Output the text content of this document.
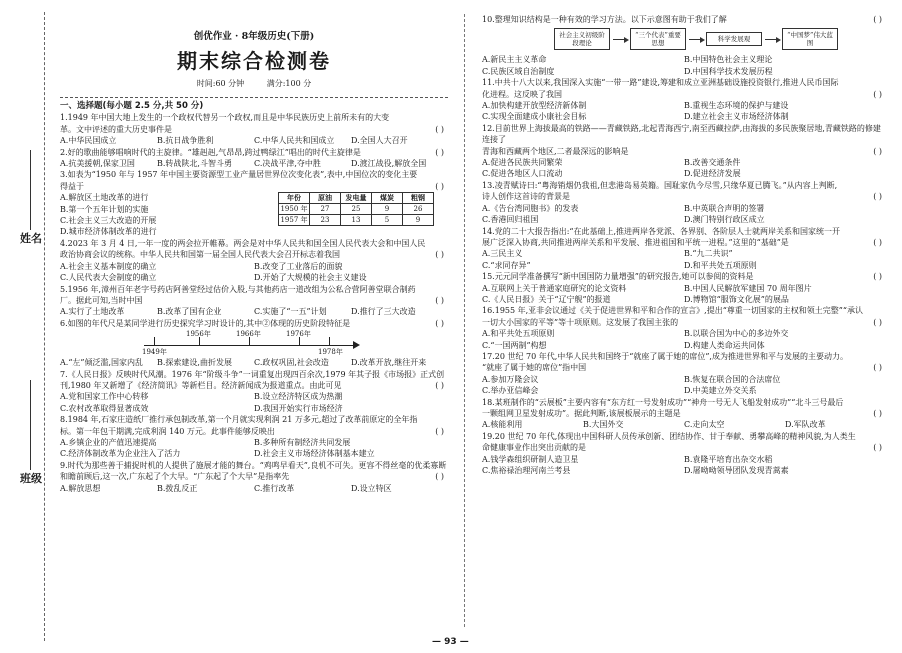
姓名
班级
创优作业 · 8年级历史(下册)
期末综合检测卷
时间:60 分钟	满分:100 分
一、选择题(每小题 2.5 分,共 50 分)
1.1949 年中国大地上发生的一个政权代替另一个政权,而且是中华民族历史上前所未有的大变
革。文中评述的重大历史事件是	( )
A.中华民国成立	B.抗日战争胜利	C.中华人民共和国成立	D.全国人大召开
2.好的歌曲能够唱响时代的主旋律。“雄赳赳,气昂昂,跨过鸭绿江”唱出的时代主旋律是	( )
A.抗美援朝,保家卫国	B.转战陕北,斗智斗勇	C.决战平津,夺中胜	D.渡江战役,解放全国
3.如表为“1950 年与 1957 年中国主要资源型工业产量居世界位次变化表”,表中,中国位次的变化主要
得益于	( )
年份	原油	发电量	煤炭	粗钢
1950 年	27	25	9	26
1957 年	23	13	5	9
A.解放区土地改革的进行
B.第一个五年计划的实施
C.社会主义三大改造的开展
D.城市经济体制改革的进行
4.2023 年 3 月 4 日,一年一度的两会拉开帷幕。两会是对中华人民共和国全国人民代表大会和中国人民
政治协商会议的统称。中华人民共和国第一届全国人民代表大会召开标志着我国	( )
A.社会主义基本制度的确立	B.改变了工业落后的面貌
C.人民代表大会制度的确立	D.开始了大规模的社会主义建设
5.1956 年,漳州百年老字号药店阿善堂经过估价入股,与其他药店一道改组为公私合营阿善堂联合制药
厂。据此可知,当时中国	( )
A.实行了土地改革	B.改革了国有企业	C.实施了“一五”计划	D.推行了三大改造
6.如图的年代尺是某同学进行历史探究学习时设计的,其中②体现的历史阶段特征是	( )
1949年
1956年	1966年	1976年
1978年
A.“左”倾泛滥,国家内乱	B.探索建设,曲折发展	C.政权巩固,社会改造	D.改革开放,继往开来
7.《人民日报》反映时代风潮。1976 年“阶级斗争”一词重复出现四百余次,1979 年其子报《市场报》正式创
刊,1980 年又新增了《经济简讯》等新栏目。经济新闻成为报道重点。由此可见	( )
A.党和国家工作中心转移	B.设立经济特区成为热潮
C.农村改革取得显著成效	D.我国开始实行市场经济
8.1984 年,石家庄造纸厂推行承包制改革,第一个月就实现利润 21 万多元,超过了改革前原定的全年指
标。第一年包干期满,完成利润 140 万元。此事件能够反映出	( )
A.乡镇企业的产值迅速提高	B.多种所有制经济共同发展
C.经济体制改革为企业注入了活力	D.社会主义市场经济体制基本建立
9.时代为那些善于捕捉时机的人提供了施展才能的舞台。“鸡鸣早看天”,良机不可失。更容不得丝毫的优柔寡断
和瞻前顾后,这一次,广东起了个大早。“广东起了个大早”是指率先	( )
A.解放思想	B.拨乱反正	C.推行改革	D.设立特区
10.整理知识结构是一种有效的学习方法。以下示意图有助于我们了解	( )
社会主义初级阶段理论
“三个代表”重要思想	科学发展观	“中国梦”伟大蓝图
A.新民主主义革命	B.中国特色社会主义理论
C.民族区域自治制度	D.中国科学技术发展历程
11.中共十八大以来,我国深入实施“一带一路”建设,筹建和成立亚洲基础设施投资银行,推进人民币国际
化进程。这反映了我国	( )
A.加快构建开放型经济新体制	B.重视生态环境的保护与建设
C.实现全面建成小康社会目标	D.建立社会主义市场经济体制
12.目前世界上海拔最高的铁路——青藏铁路,北起青海西宁,南至西藏拉萨,由海拔的多民族聚居地,青藏铁路的修建连接了
青海和西藏两个地区,二者最深远的影响是	( )
A.促进各民族共同繁荣	B.改善交通条件
C.促进各地区人口流动	D.促进经济发展
13.凌青赋诗曰:“粤海销烟仍我祖,但悲港岛易英籍。国耻家仇今尽雪,只缘华夏已腾飞。”从内容上判断,
诗人创作这首诗的背景是	( )
A.《告台湾同胞书》的发表	B.中英联合声明的签署
C.香港回归祖国	D.澳门特别行政区成立
14.党的二十大报告指出:“在此基础上,推进两岸各党派、各界别、各阶层人士就两岸关系和国家统一开
展广泛深入协商,共同推进两岸关系和平发展、推进祖国和平统一进程。”这里的“基础”是	( )
A.三民主义	B.“九二共识”
C.“求同存异”	D.和平共处五项原则
15.元元同学准备撰写“新中国国防力量增强”的研究报告,她可以参阅的资料是	( )
A.互联网上关于普通家庭研究的论文资料	B.中国人民解放军建国 70 周年图片
C.《人民日报》关于“辽宁舰”的报道	D.博物馆“服饰文化展”的展品
16.1955 年,亚非会议通过《关于促进世界和平和合作的宣言》,提出“尊重一切国家的主权和领土完整”“承认
一切大小国家的平等”等十项原则。这发展了我国主张的	( )
A.和平共处五项原则	B.以联合国为中心的多边外交
C.“一国两制”构想	D.构建人类命运共同体
17.20 世纪 70 年代,中华人民共和国终于“就座了属于她的席位”,成为推进世界和平与发展的主要动力。
“就座了属于她的席位”指中国	( )
A.参加万隆会议	B.恢复在联合国的合法席位
C.举办亚信峰会	D.中美建立外交关系
18.某班制作的“云展板”主要内容有“东方红一号发射成功”“神舟一号无人飞船发射成功”“北斗三号最后
一颗组网卫星发射成功”。据此判断,该展板展示的主题是	( )
A.核能利用	B.大国外交	C.走向太空	D.军队改革
19.20 世纪 70 年代,体现出中国科研人员传承创新、团结协作、甘于奉献、勇攀高峰的精神风貌,为人类生
命健康事业作出突出贡献的是	( )
A.钱学森组织研制人造卫星	B.袁隆平培育出杂交水稻
C.焦裕禄治理河南兰考县	D.屠呦呦领导团队发现青蒿素
— 93 —
